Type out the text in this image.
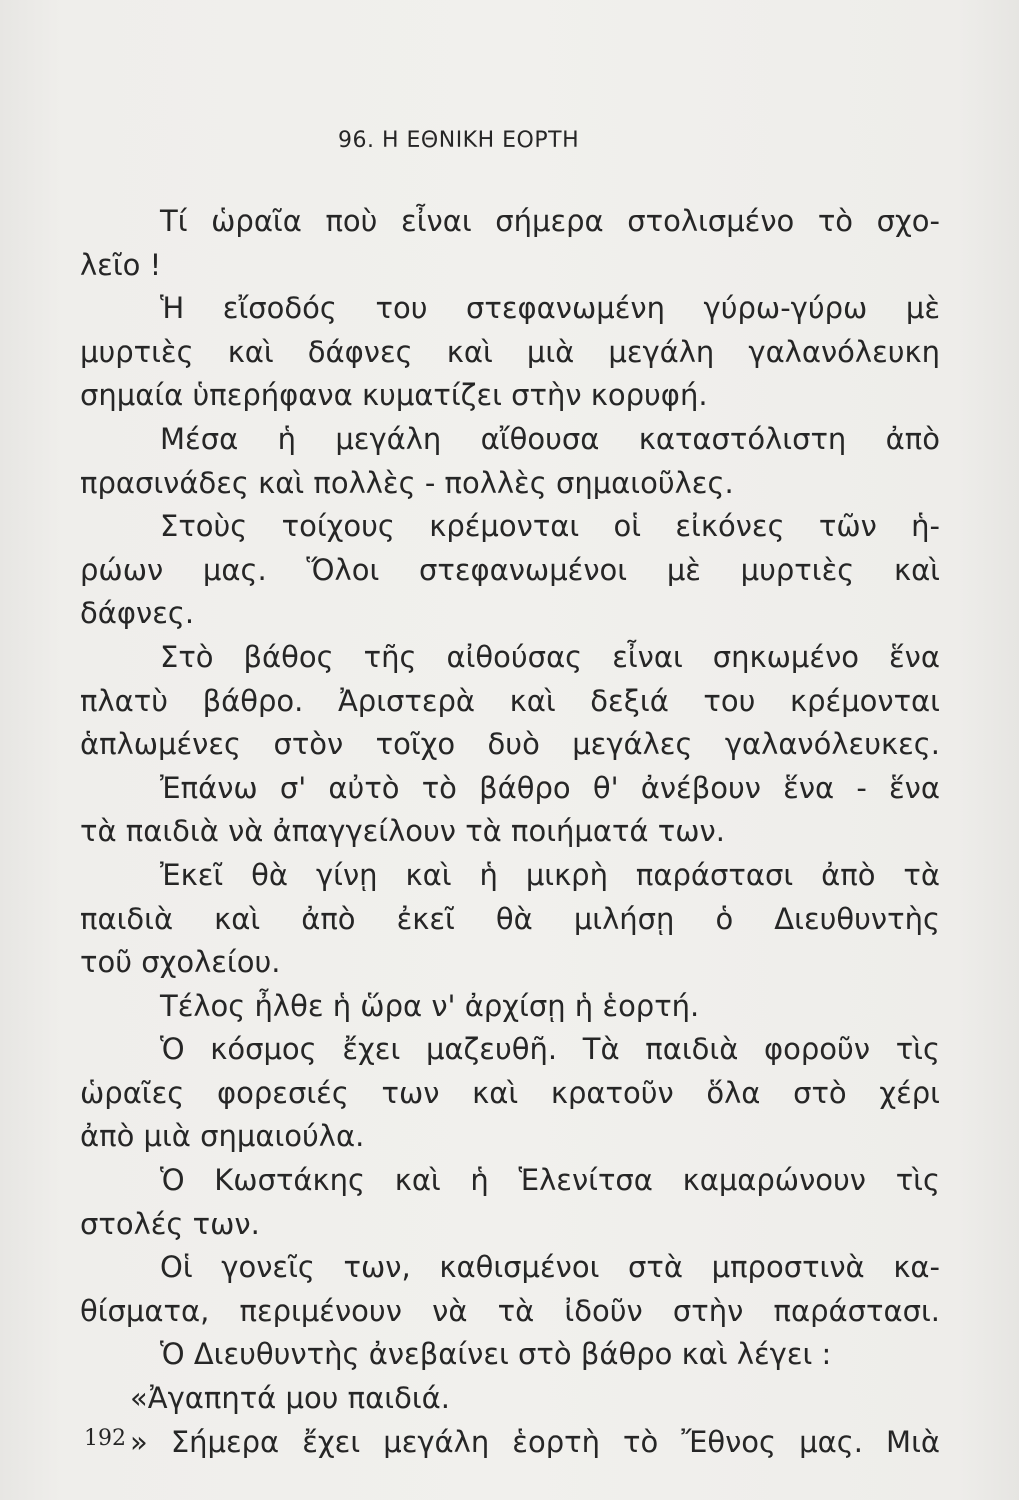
96. Η ΕΘΝΙΚΗ ΕΟΡΤΗ
Τί ὡραῖα ποὺ εἶναι σήμερα στολισμένο τὸ σχο-
λεῖο !
Ἡ εἴσοδός του στεφανωμένη γύρω-γύρω μὲ
μυρτιὲς καὶ δάφνες καὶ μιὰ μεγάλη γαλανόλευκη
σημαία ὑπερήφανα κυματίζει στὴν κορυφή.
Μέσα ἡ μεγάλη αἴθουσα καταστόλιστη ἀπὸ
πρασινάδες καὶ πολλὲς - πολλὲς σημαιοῦλες.
Στοὺς τοίχους κρέμονται οἱ εἰκόνες τῶν ἡ-
ρώων μας. Ὅλοι στεφανωμένοι μὲ μυρτιὲς καὶ
δάφνες.
Στὸ βάθος τῆς αἰθούσας εἶναι σηκωμένο ἕνα
πλατὺ βάθρο. Ἀριστερὰ καὶ δεξιά του κρέμονται
ἁπλωμένες στὸν τοῖχο δυὸ μεγάλες γαλανόλευκες.
Ἐπάνω σ' αὐτὸ τὸ βάθρο θ' ἀνέβουν ἕνα - ἕνα
τὰ παιδιὰ νὰ ἀπαγγείλουν τὰ ποιήματά των.
Ἐκεῖ θὰ γίνῃ καὶ ἡ μικρὴ παράστασι ἀπὸ τὰ
παιδιὰ καὶ ἀπὸ ἐκεῖ θὰ μιλήσῃ ὁ Διευθυντὴς
τοῦ σχολείου.
Τέλος ἦλθε ἡ ὥρα ν' ἀρχίσῃ ἡ ἑορτή.
Ὁ κόσμος ἔχει μαζευθῆ. Τὰ παιδιὰ φοροῦν τὶς
ὡραῖες φορεσιές των καὶ κρατοῦν ὅλα στὸ χέρι
ἀπὸ μιὰ σημαιούλα.
Ὁ Κωστάκης καὶ ἡ Ἑλενίτσα καμαρώνουν τὶς
στολές των.
Οἱ γονεῖς των, καθισμένοι στὰ μπροστινὰ κα-
θίσματα, περιμένουν νὰ τὰ ἰδοῦν στὴν παράστασι.
Ὁ Διευθυντὴς ἀνεβαίνει στὸ βάθρο καὶ λέγει :
«Ἀγαπητά μου παιδιά.
» Σήμερα ἔχει μεγάλη ἑορτὴ τὸ Ἔθνος μας. Μιὰ
192
